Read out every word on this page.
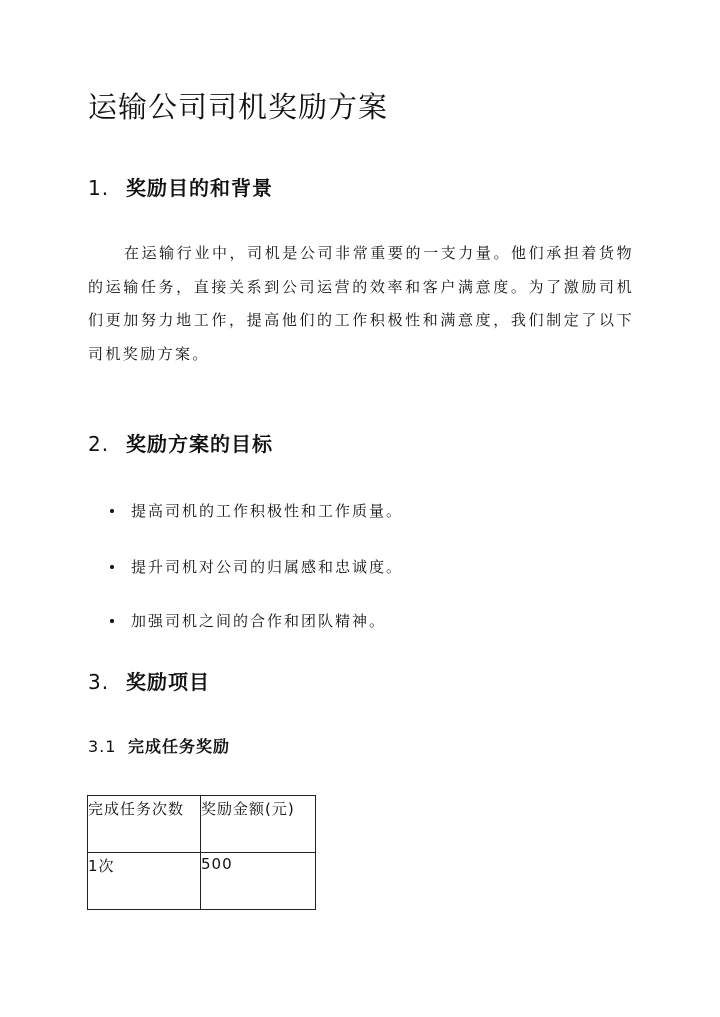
运输公司司机奖励方案
1. 奖励目的和背景

在运输行业中，司机是公司非常重要的一支力量。他们承担着货物的运输任务，直接关系到公司运营的效率和客户满意度。为了激励司机们更加努力地工作，提高他们的工作积极性和满意度，我们制定了以下司机奖励方案。

2. 奖励方案的目标
提高司机的工作积极性和工作质量。
提升司机对公司的归属感和忠诚度。
加强司机之间的合作和团队精神。
3. 奖励项目
3.1 完成任务奖励
完成任务次数	奖励金额(元)
1次	500
